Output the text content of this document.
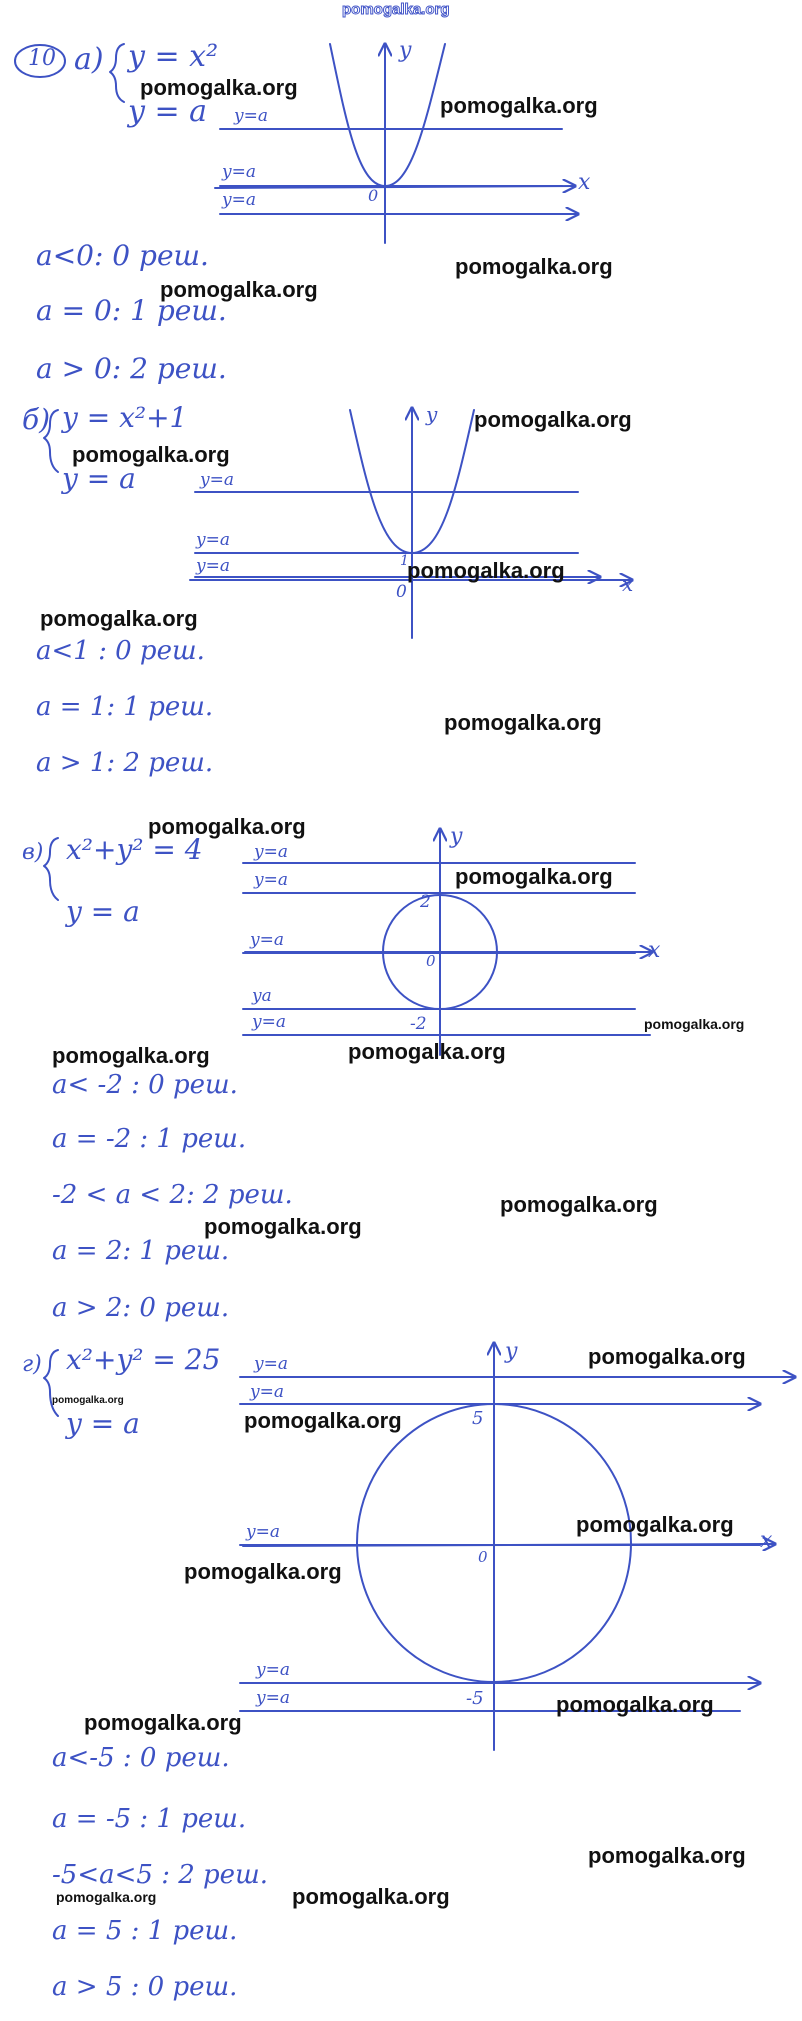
pomogalka.org
10 а) y = x²
y = a y=a
y=a
y=a
y
x
0
a<0: 0 реш.
a = 0: 1 реш.
a > 0: 2 реш.
б) y = x²+1
y = a	y=a
y=a
y=a
y
x
1
0
a<1 : 0 реш.
a = 1: 1 реш.
a > 1: 2 реш.
в) x²+y² = 4
y = a
y=a
y=a
y=a
ya
y=a
y
x
2
0
-2
a< -2 : 0 реш.
a = -2 : 1 реш.
-2 < a < 2: 2 реш.
a = 2: 1 реш.
a > 2: 0 реш.
г) x²+y² = 25
y = a
y=a
y=a
y=a
y=a
y=a
y
x
5
0
-5
a<-5 : 0 реш.
a = -5 : 1 реш.
-5<a<5 : 2 реш.
a = 5 : 1 реш.
a > 5 : 0 реш.
pomogalka.org
pomogalka.org
pomogalka.org
pomogalka.org
pomogalka.org
pomogalka.org
pomogalka.org
pomogalka.org
pomogalka.org
pomogalka.org
pomogalka.org
pomogalka.org
pomogalka.org	pomogalka.org
pomogalka.org
pomogalka.org
pomogalka.org
pomogalka.org
pomogalka.org
pomogalka.org
pomogalka.org
pomogalka.org
pomogalka.org
pomogalka.org
pomogalka.org	pomogalka.org
